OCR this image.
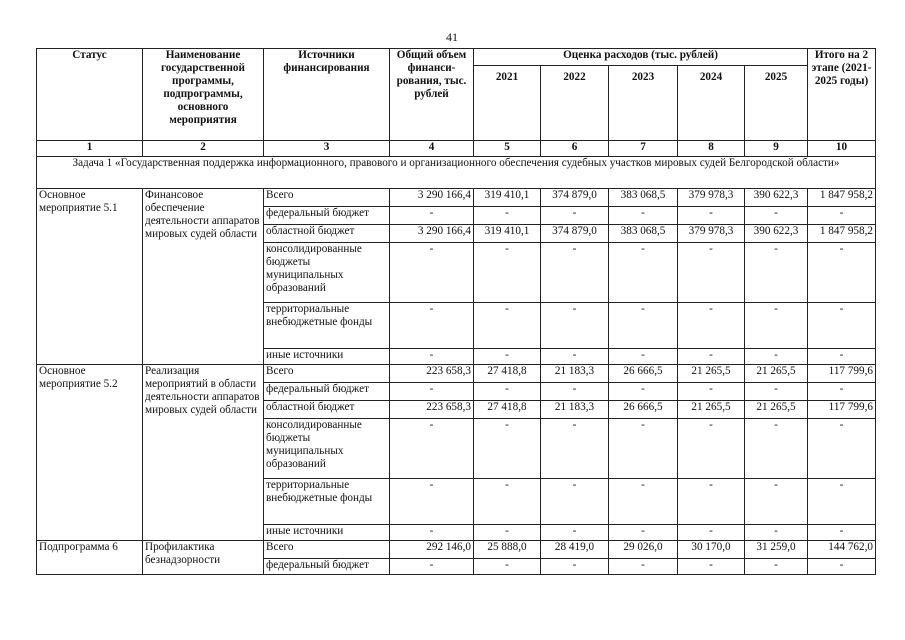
41
Статус	Наименование государственной программы, подпрограммы, основного мероприятия	Источники финансирования	Общий объем финанси-рования, тыс. рублей	Оценка расходов (тыс. рублей)					Итого на 2 этапе (2021-2025 годы)
				2021	2022	2023	2024	2025	
1	2	3	4	5	6	7	8	9	10
Задача 1 «Государственная поддержка информационного, правового и организационного обеспечения судебных участков мировых судей Белгородской области»									
Основное мероприятие 5.1	Финансовое обеспечение деятельности аппаратов мировых судей области	Всего	3 290 166,4	319 410,1	374 879,0	383 068,5	379 978,3	390 622,3	1 847 958,2
		федеральный бюджет	-	-	-	-	-	-	-
		областной бюджет	3 290 166,4	319 410,1	374 879,0	383 068,5	379 978,3	390 622,3	1 847 958,2
		консолидированные бюджеты муниципальных образований	-	-	-	-	-	-	-
		территориальные внебюджетные фонды	-	-	-	-	-	-	-
		иные источники	-	-	-	-	-	-	-
Основное мероприятие 5.2	Реализация мероприятий в области деятельности аппаратов мировых судей области	Всего	223 658,3	27 418,8	21 183,3	26 666,5	21 265,5	21 265,5	117 799,6
		федеральный бюджет	-	-	-	-	-	-	-
		областной бюджет	223 658,3	27 418,8	21 183,3	26 666,5	21 265,5	21 265,5	117 799,6
		консолидированные бюджеты муниципальных образований	-	-	-	-	-	-	-
		территориальные внебюджетные фонды	-	-	-	-	-	-	-
		иные источники	-	-	-	-	-	-	-
Подпрограмма 6	Профилактика безнадзорности	Всего	292 146,0	25 888,0	28 419,0	29 026,0	30 170,0	31 259,0	144 762,0
		федеральный бюджет	-	-	-	-	-	-	-
